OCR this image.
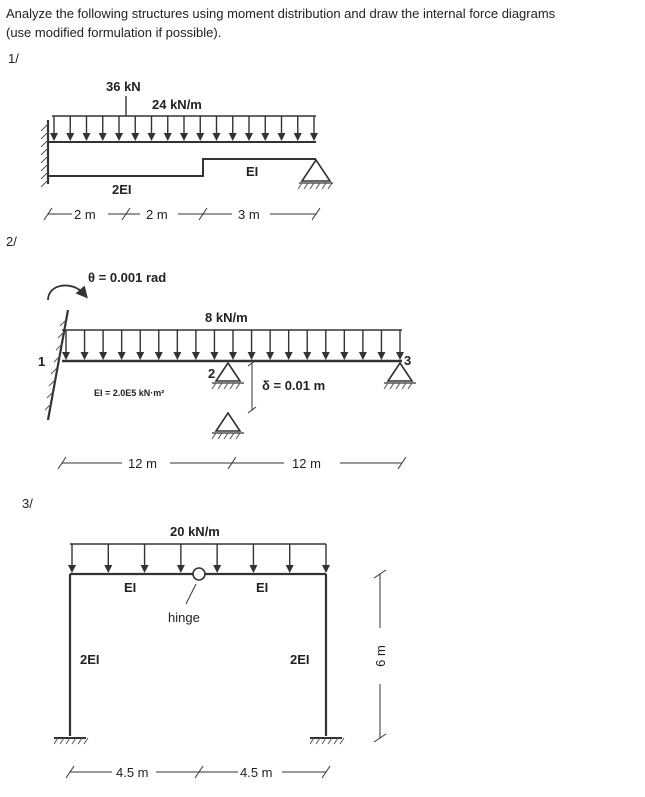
Analyze the following structures using moment distribution and draw the internal force diagrams
(use modified formulation if possible).
1/
36 kN
24 kN/m
2EI
EI
2 m	2 m	3 m
2/
θ = 0.001 rad
8 kN/m
1
2
3
δ = 0.01 m
EI = 2.0E5 kN·m²
12 m	12 m
3/
20 kN/m
hinge
EI	EI
2EI	2EI	6 m
4.5 m	4.5 m
